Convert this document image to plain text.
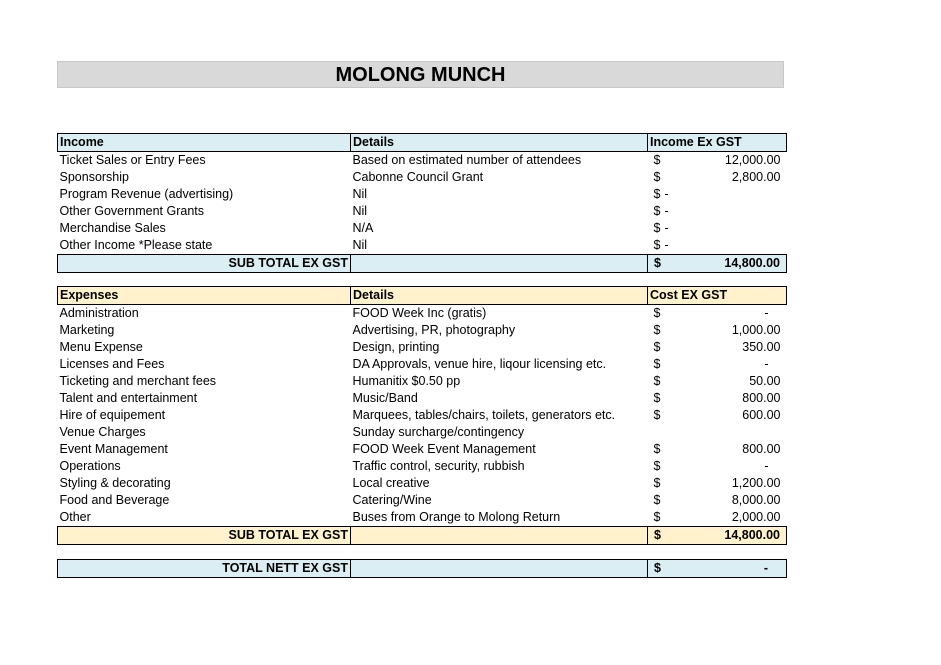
MOLONG MUNCH
Income	Details	Income Ex GST
Ticket Sales or Entry Fees	Based on estimated number of attendees	$ 12,000.00

Sponsorship	Cabonne Council Grant	$ 2,800.00

Program Revenue (advertising)	Nil	$ -

Other Government Grants	Nil	$ -

Merchandise Sales	N/A	$ -

Other Income *Please state	Nil	$ -

SUB TOTAL EX GST		$ 14,800.00
Expenses	Details	Cost EX GST
Administration	FOOD Week Inc (gratis)	$ -

Marketing	Advertising, PR, photography	$ 1,000.00

Menu Expense	Design, printing	$ 350.00

Licenses and Fees	DA Approvals, venue hire, liqour licensing etc.	$ -

Ticketing and merchant fees	Humanitix $0.50 pp	$ 50.00

Talent and entertainment	Music/Band	$ 800.00

Hire of equipement	Marquees, tables/chairs, toilets, generators etc.	$ 600.00

Venue Charges	Sunday surcharge/contingency	

Event Management	FOOD Week Event Management	$ 800.00

Operations	Traffic control, security, rubbish	$ -

Styling & decorating	Local creative	$ 1,200.00

Food and Beverage	Catering/Wine	$ 8,000.00

Other	Buses from Orange to Molong Return	$ 2,000.00

SUB TOTAL EX GST		$ 14,800.00
TOTAL NETT EX GST		$	-
